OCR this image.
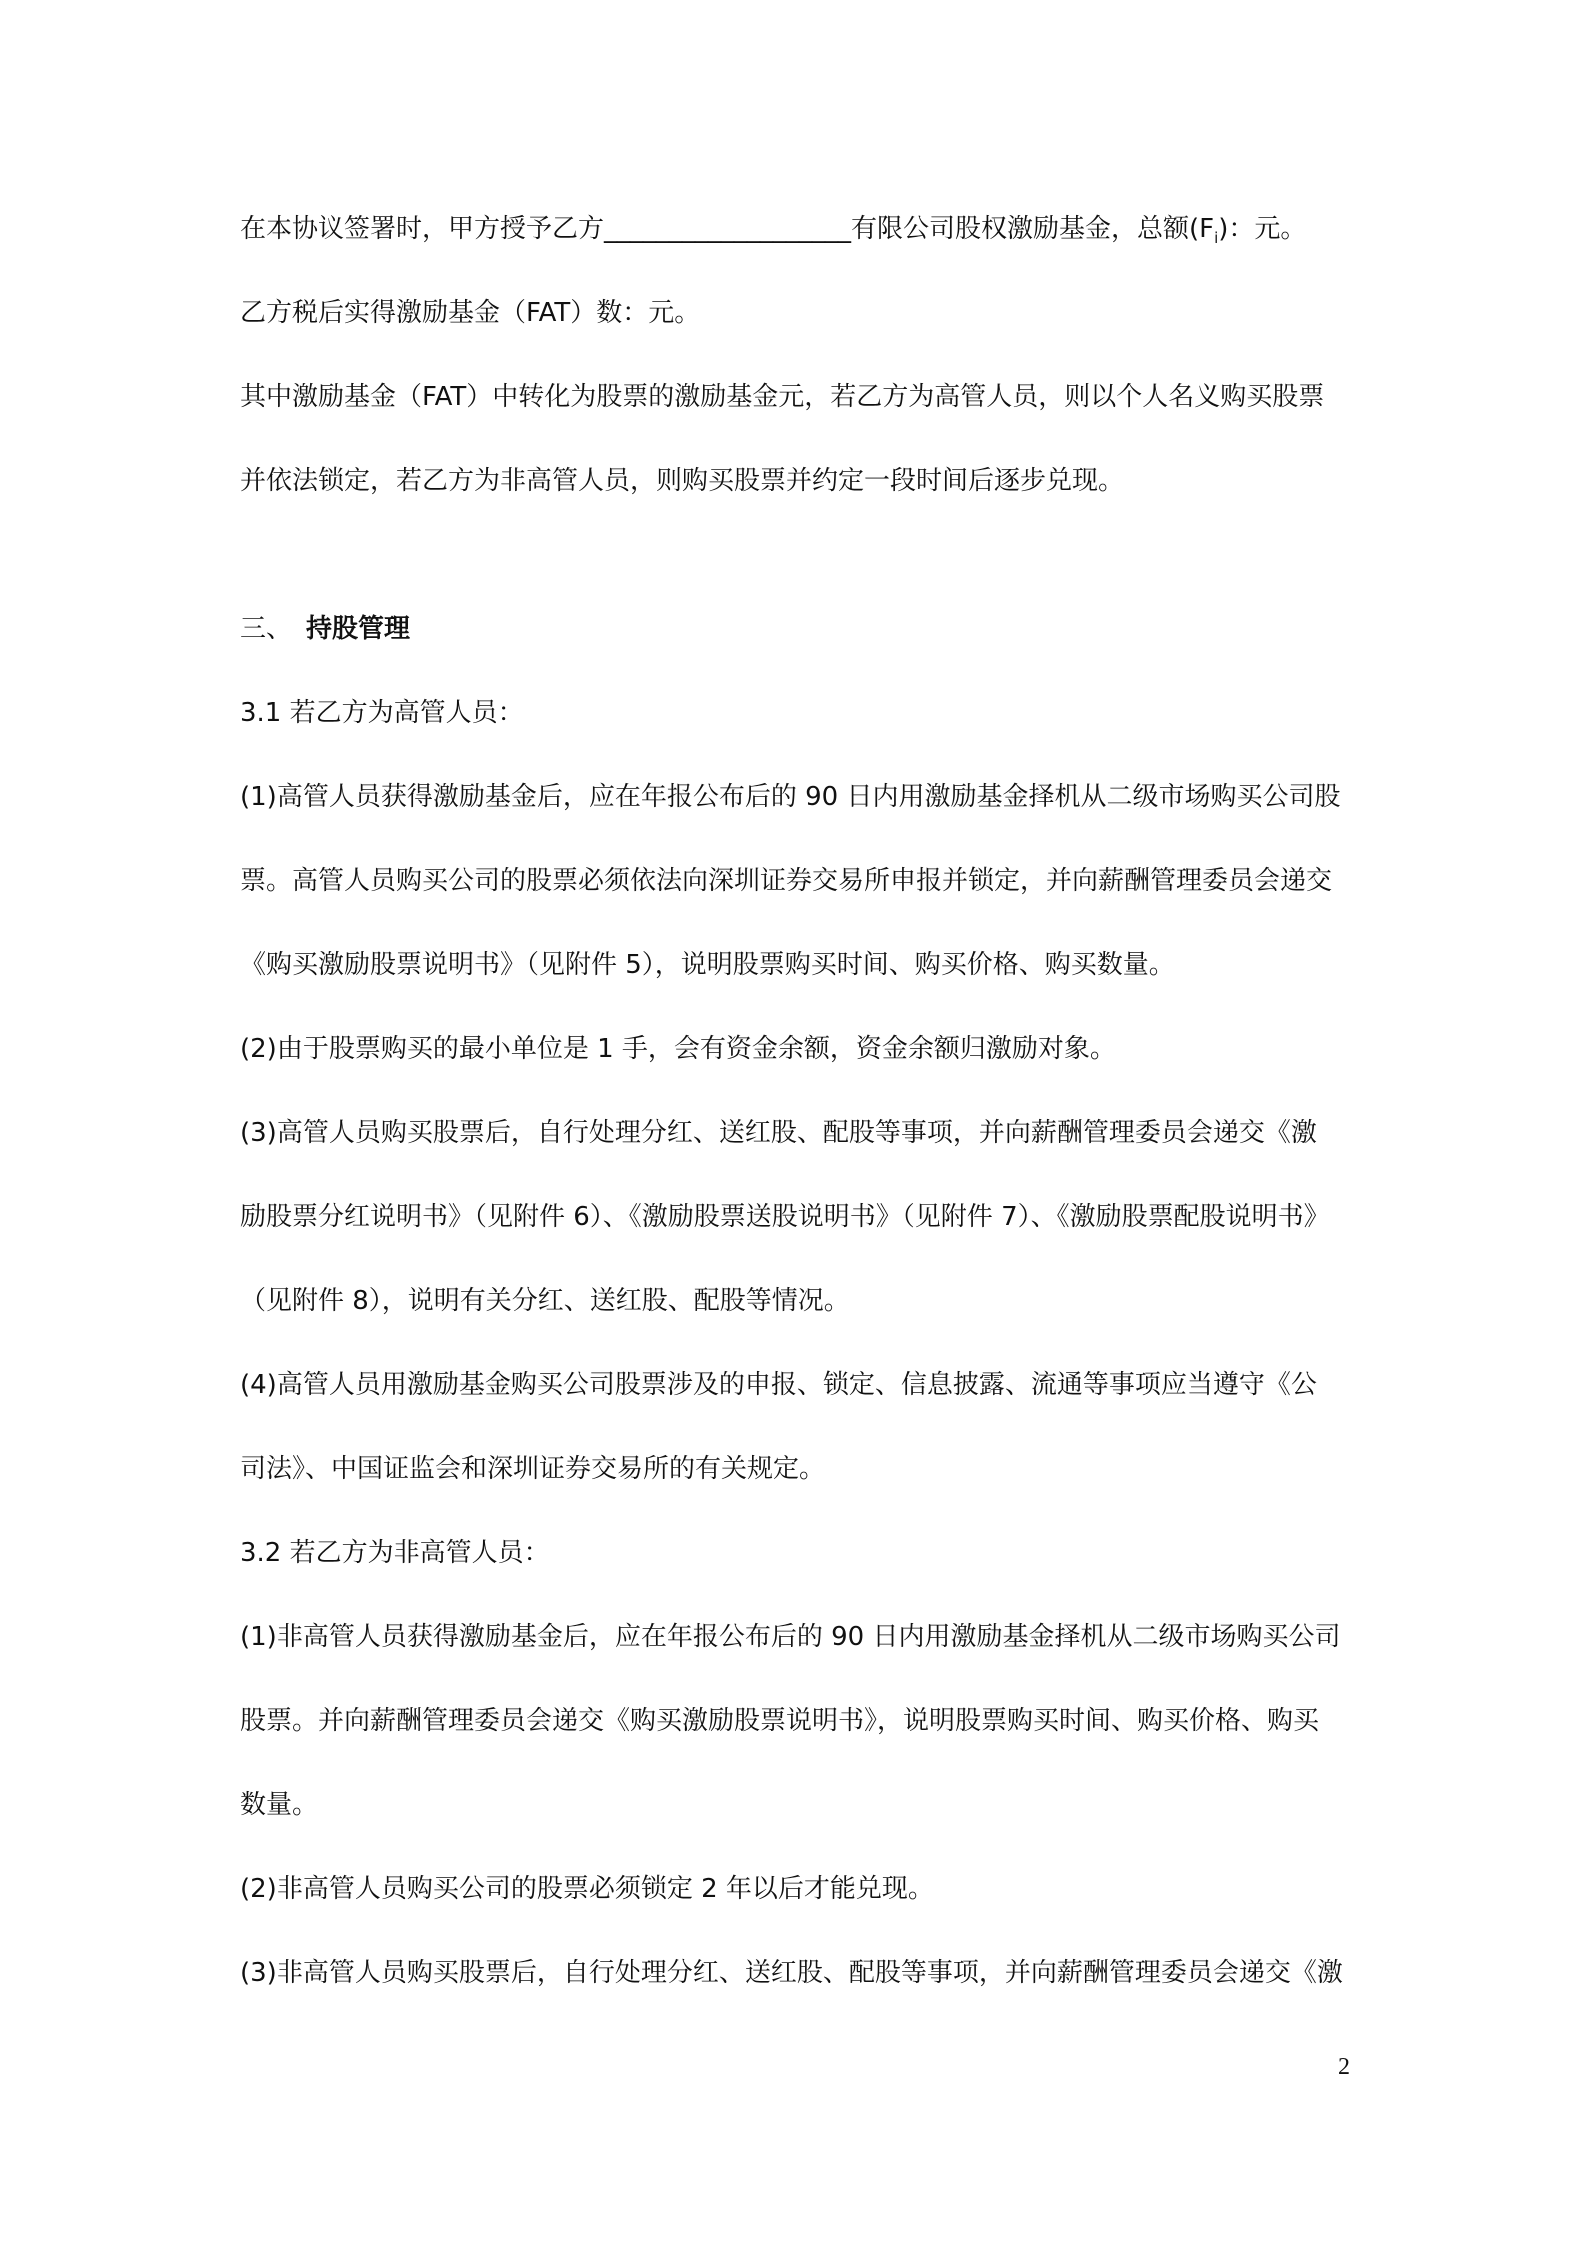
在本协议签署时，甲方授予乙方___________________有限公司股权激励基金，总额$(F_i)$：元。
乙方税后实得激励基金（FAT）数：元。
其中激励基金（FAT）中转化为股票的激励基金元，若乙方为高管人员，则以个人名义购买股票
并依法锁定，若乙方为非高管人员，则购买股票并约定一段时间后逐步兑现。
三、 持股管理
3.1 若乙方为高管人员：
(1)高管人员获得激励基金后，应在年报公布后的 90 日内用激励基金择机从二级市场购买公司股
票。高管人员购买公司的股票必须依法向深圳证券交易所申报并锁定，并向薪酬管理委员会递交
《购买激励股票说明书》（见附件 5），说明股票购买时间、购买价格、购买数量。
(2)由于股票购买的最小单位是 1 手，会有资金余额，资金余额归激励对象。
(3)高管人员购买股票后，自行处理分红、送红股、配股等事项，并向薪酬管理委员会递交《激
励股票分红说明书》（见附件 6）、《激励股票送股说明书》（见附件 7）、《激励股票配股说明书》
（见附件 8），说明有关分红、送红股、配股等情况。
(4)高管人员用激励基金购买公司股票涉及的申报、锁定、信息披露、流通等事项应当遵守《公
司法》、中国证监会和深圳证券交易所的有关规定。
3.2 若乙方为非高管人员：
(1)非高管人员获得激励基金后，应在年报公布后的 90 日内用激励基金择机从二级市场购买公司
股票。并向薪酬管理委员会递交《购买激励股票说明书》，说明股票购买时间、购买价格、购买
数量。
(2)非高管人员购买公司的股票必须锁定 2 年以后才能兑现。
(3)非高管人员购买股票后，自行处理分红、送红股、配股等事项，并向薪酬管理委员会递交《激
2
